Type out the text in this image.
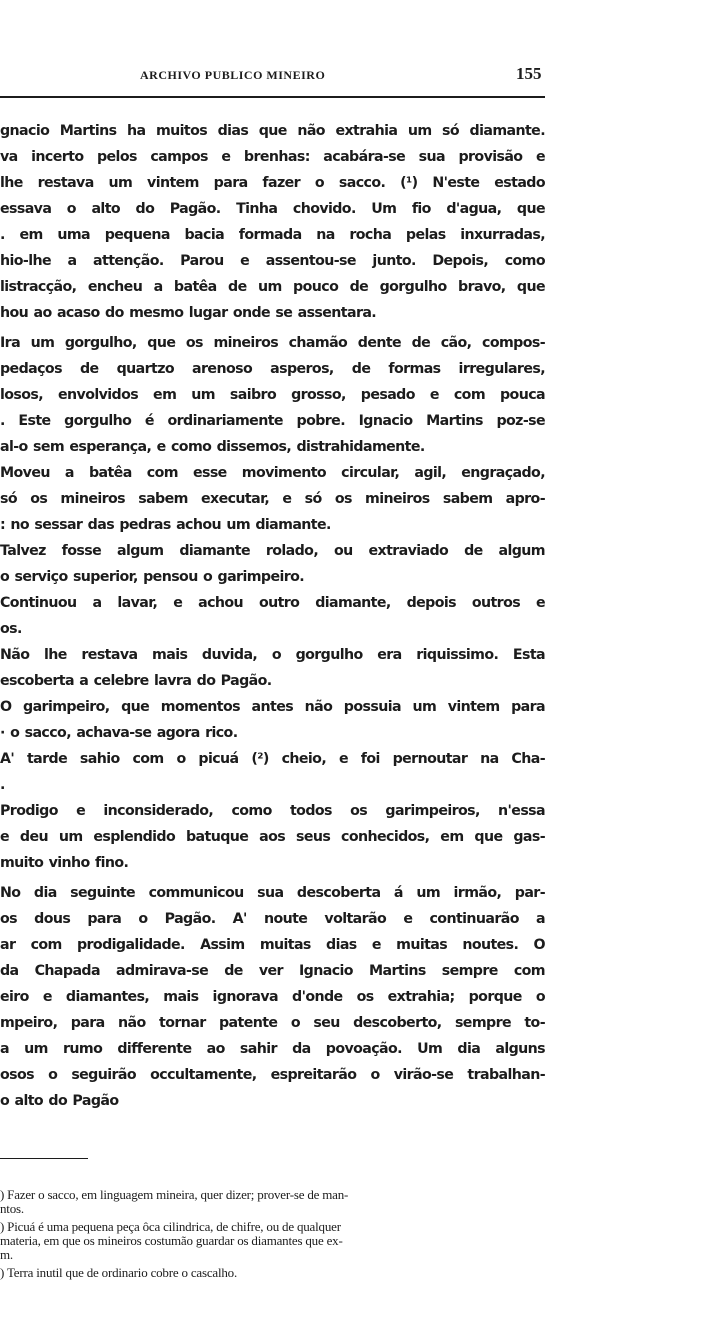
ARCHIVO PUBLICO MINEIRO	155
gnacio Martins ha muitos dias que não extrahia um só diamante.
va incerto pelos campos e brenhas: acabára-se sua provisão e
lhe restava um vintem para fazer o sacco. (¹) N'este estado
essava o alto do Pagão. Tinha chovido. Um fio d'agua, que
. em uma pequena bacia formada na rocha pelas inxurradas,
hio-lhe a attenção. Parou e assentou-se junto. Depois, como
listracção, encheu a batêa de um pouco de gorgulho bravo, que
hou ao acaso do mesmo lugar onde se assentara.
Ira um gorgulho, que os mineiros chamão dente de cão, compos-
pedaços de quartzo arenoso asperos, de formas irregulares,
losos, envolvidos em um saibro grosso, pesado e com pouca
. Este gorgulho é ordinariamente pobre. Ignacio Martins poz-se
al-o sem esperança, e como dissemos, distrahidamente.
Moveu a batêa com esse movimento circular, agil, engraçado,
só os mineiros sabem executar, e só os mineiros sabem apro-
: no sessar das pedras achou um diamante.
Talvez fosse algum diamante rolado, ou extraviado de algum
o serviço superior, pensou o garimpeiro.
Continuou a lavar, e achou outro diamante, depois outros e
os.
Não lhe restava mais duvida, o gorgulho era riquissimo. Esta
escoberta a celebre lavra do Pagão.
O garimpeiro, que momentos antes não possuia um vintem para
· o sacco, achava-se agora rico.
A' tarde sahio com o picuá (²) cheio, e foi pernoutar na Cha-
.
Prodigo e inconsiderado, como todos os garimpeiros, n'essa
e deu um esplendido batuque aos seus conhecidos, em que gas-
muito vinho fino.
No dia seguinte communicou sua descoberta á um irmão, par-
os dous para o Pagão. A' noute voltarão e continuarão a
ar com prodigalidade. Assim muitas dias e muitas noutes. O
da Chapada admirava-se de ver Ignacio Martins sempre com
eiro e diamantes, mais ignorava d'onde os extrahia; porque o
mpeiro, para não tornar patente o seu descoberto, sempre to-
a um rumo differente ao sahir da povoação. Um dia alguns
osos o seguirão occultamente, espreitarão o virão-se trabalhan-
o alto do Pagão
) Fazer o sacco, em linguagem mineira, quer dizer; prover-se de man-
ntos.
) Picuá é uma pequena peça ôca cilindrica, de chifre, ou de qualquer
materia, em que os mineiros costumão guardar os diamantes que ex-
m.
) Terra inutil que de ordinario cobre o cascalho.
